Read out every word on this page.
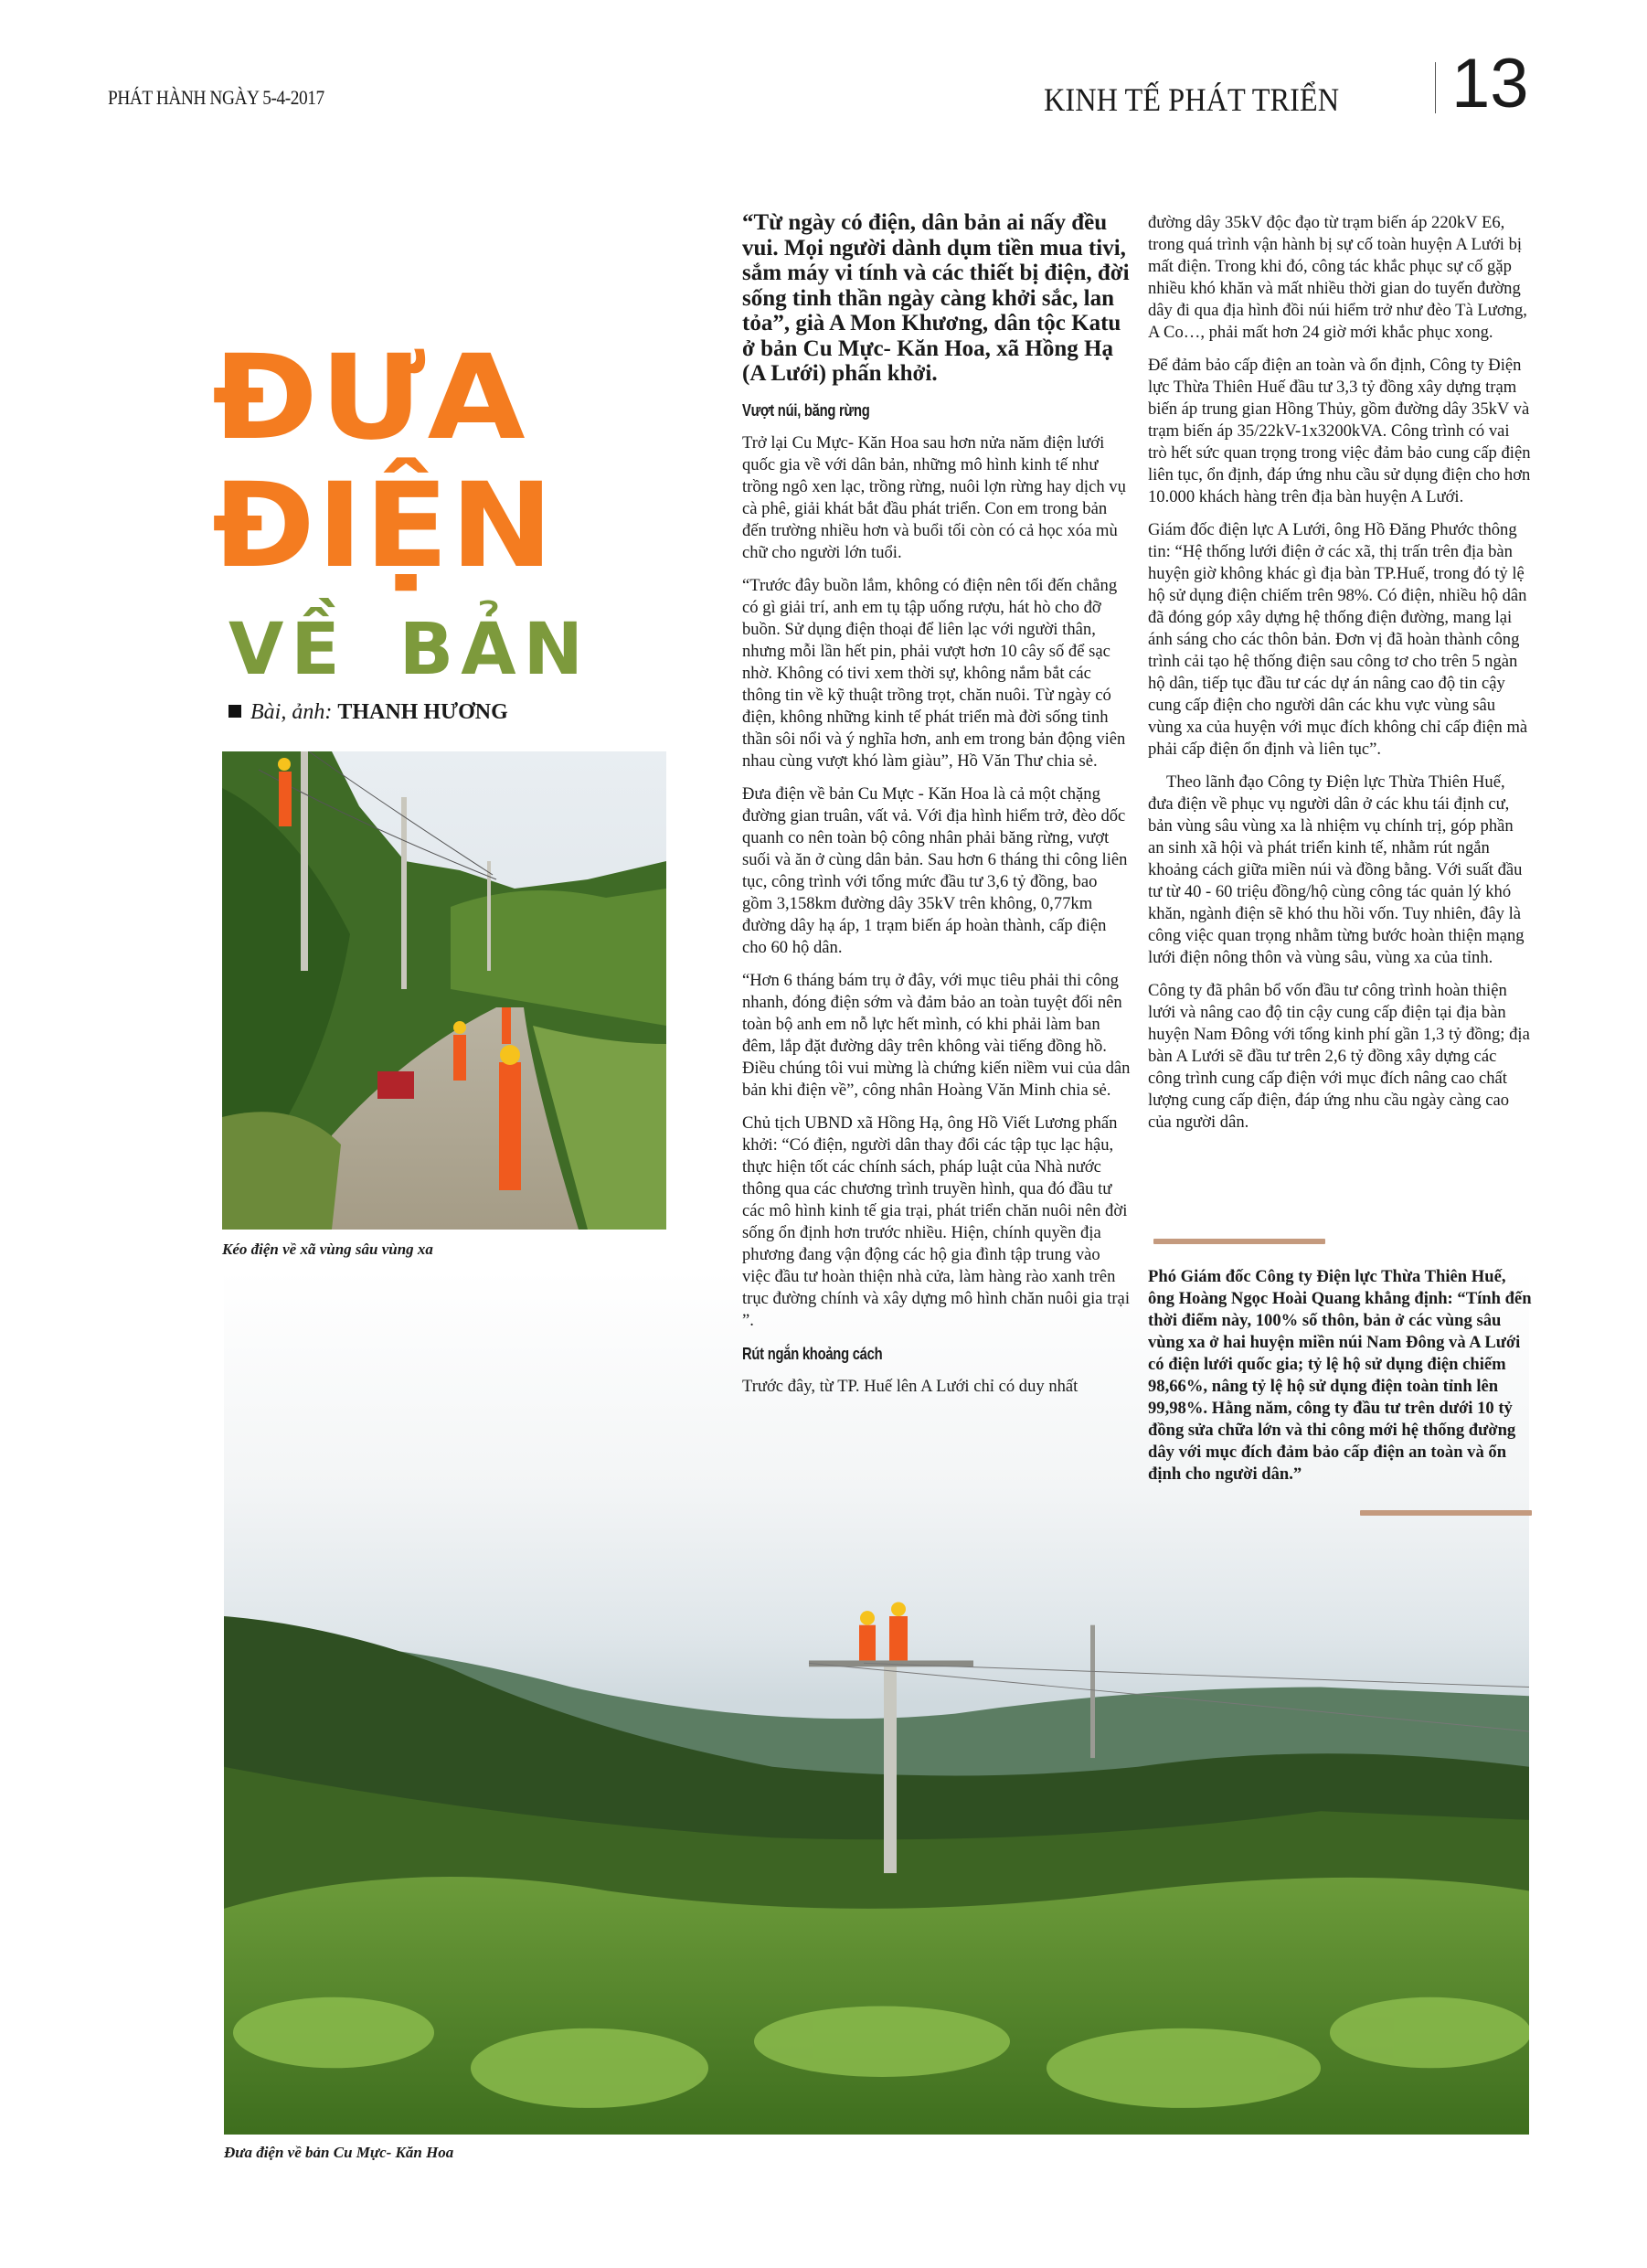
PHÁT HÀNH NGÀY 5-4-2017	KINH TẾ PHÁT TRIỂN 13
ĐƯA
ĐIỆN
VỀ BẢN
Bài, ảnh: THANH HƯƠNG
Kéo điện về xã vùng sâu vùng xa
Đưa điện về bản Cu Mực- Kăn Hoa

“Từ ngày có điện, dân bản ai nấy đều vui. Mọi người dành dụm tiền mua tivi, sắm máy vi tính và các thiết bị điện, đời sống tinh thần ngày càng khởi sắc, lan tỏa”, già A Mon Khương, dân tộc Katu ở bản Cu Mực- Kăn Hoa, xã Hồng Hạ (A Lưới) phấn khởi.

Vượt núi, băng rừng

Trở lại Cu Mực- Kăn Hoa sau hơn nửa năm điện lưới quốc gia về với dân bản, những mô hình kinh tế như trồng ngô xen lạc, trồng rừng, nuôi lợn rừng hay dịch vụ cà phê, giải khát bắt đầu phát triển. Con em trong bản đến trường nhiều hơn và buổi tối còn có cả học xóa mù chữ cho người lớn tuổi.

“Trước đây buồn lắm, không có điện nên tối đến chẳng có gì giải trí, anh em tụ tập uống rượu, hát hò cho đỡ buồn. Sử dụng điện thoại để liên lạc với người thân, nhưng mỗi lần hết pin, phải vượt hơn 10 cây số để sạc nhờ. Không có tivi xem thời sự, không nắm bắt các thông tin về kỹ thuật trồng trọt, chăn nuôi. Từ ngày có điện, không những kinh tế phát triển mà đời sống tinh thần sôi nổi và ý nghĩa hơn, anh em trong bản động viên nhau cùng vượt khó làm giàu”, Hồ Văn Thư chia sẻ.

Đưa điện về bản Cu Mực - Kăn Hoa là cả một chặng đường gian truân, vất vả. Với địa hình hiểm trở, đèo dốc quanh co nên toàn bộ công nhân phải băng rừng, vượt suối và ăn ở cùng dân bản. Sau hơn 6 tháng thi công liên tục, công trình với tổng mức đầu tư 3,6 tỷ đồng, bao gồm 3,158km đường dây 35kV trên không, 0,77km đường dây hạ áp, 1 trạm biến áp hoàn thành, cấp điện cho 60 hộ dân.

“Hơn 6 tháng bám trụ ở đây, với mục tiêu phải thi công nhanh, đóng điện sớm và đảm bảo an toàn tuyệt đối nên toàn bộ anh em nỗ lực hết mình, có khi phải làm ban đêm, lắp đặt đường dây trên không vài tiếng đồng hồ. Điều chúng tôi vui mừng là chứng kiến niềm vui của dân bản khi điện về”, công nhân Hoàng Văn Minh chia sẻ.

Chủ tịch UBND xã Hồng Hạ, ông Hồ Viết Lương phấn khởi: “Có điện, người dân thay đổi các tập tục lạc hậu, thực hiện tốt các chính sách, pháp luật của Nhà nước thông qua các chương trình truyền hình, qua đó đầu tư các mô hình kinh tế gia trại, phát triển chăn nuôi nên đời sống ổn định hơn trước nhiều. Hiện, chính quyền địa phương đang vận động các hộ gia đình tập trung vào việc đầu tư hoàn thiện nhà cửa, làm hàng rào xanh trên trục đường chính và xây dựng mô hình chăn nuôi gia trại ”.

Rút ngắn khoảng cách

Trước đây, từ TP. Huế lên A Lưới chỉ có duy nhất

đường dây 35kV độc đạo từ trạm biến áp 220kV E6, trong quá trình vận hành bị sự cố toàn huyện A Lưới bị mất điện. Trong khi đó, công tác khắc phục sự cố gặp nhiều khó khăn và mất nhiều thời gian do tuyến đường dây đi qua địa hình đồi núi hiểm trở như đèo Tà Lương, A Co…, phải mất hơn 24 giờ mới khắc phục xong.

Để đảm bảo cấp điện an toàn và ổn định, Công ty Điện lực Thừa Thiên Huế đầu tư 3,3 tỷ đồng xây dựng trạm biến áp trung gian Hồng Thủy, gồm đường dây 35kV và trạm biến áp 35/22kV-1x3200kVA. Công trình có vai trò hết sức quan trọng trong việc đảm bảo cung cấp điện liên tục, ổn định, đáp ứng nhu cầu sử dụng điện cho hơn 10.000 khách hàng trên địa bàn huyện A Lưới.

Giám đốc điện lực A Lưới, ông Hồ Đăng Phước thông tin: “Hệ thống lưới điện ở các xã, thị trấn trên địa bàn huyện giờ không khác gì địa bàn TP.Huế, trong đó tỷ lệ hộ sử dụng điện chiếm trên 98%. Có điện, nhiều hộ dân đã đóng góp xây dựng hệ thống điện đường, mang lại ánh sáng cho các thôn bản. Đơn vị đã hoàn thành công trình cải tạo hệ thống điện sau công tơ cho trên 5 ngàn hộ dân, tiếp tục đầu tư các dự án nâng cao độ tin cậy cung cấp điện cho người dân các khu vực vùng sâu vùng xa của huyện với mục đích không chỉ cấp điện mà phải cấp điện ổn định và liên tục”.

Theo lãnh đạo Công ty Điện lực Thừa Thiên Huế, đưa điện về phục vụ người dân ở các khu tái định cư, bản vùng sâu vùng xa là nhiệm vụ chính trị, góp phần an sinh xã hội và phát triển kinh tế, nhằm rút ngắn khoảng cách giữa miền núi và đồng bằng. Với suất đầu tư từ 40 - 60 triệu đồng/hộ cùng công tác quản lý khó khăn, ngành điện sẽ khó thu hồi vốn. Tuy nhiên, đây là công việc quan trọng nhằm từng bước hoàn thiện mạng lưới điện nông thôn và vùng sâu, vùng xa của tỉnh.

Công ty đã phân bổ vốn đầu tư công trình hoàn thiện lưới và nâng cao độ tin cậy cung cấp điện tại địa bàn huyện Nam Đông với tổng kinh phí gần 1,3 tỷ đồng; địa bàn A Lưới sẽ đầu tư trên 2,6 tỷ đồng xây dựng các công trình cung cấp điện với mục đích nâng cao chất lượng cung cấp điện, đáp ứng nhu cầu ngày càng cao của người dân.

Phó Giám đốc Công ty Điện lực Thừa Thiên Huế, ông Hoàng Ngọc Hoài Quang khẳng định: “Tính đến thời điểm này, 100% số thôn, bản ở các vùng sâu vùng xa ở hai huyện miền núi Nam Đông và A Lưới có điện lưới quốc gia; tỷ lệ hộ sử dụng điện chiếm 98,66%, nâng tỷ lệ hộ sử dụng điện toàn tỉnh lên 99,98%. Hằng năm, công ty đầu tư trên dưới 10 tỷ đồng sửa chữa lớn và thi công mới hệ thống đường dây với mục đích đảm bảo cấp điện an toàn và ổn định cho người dân.”
